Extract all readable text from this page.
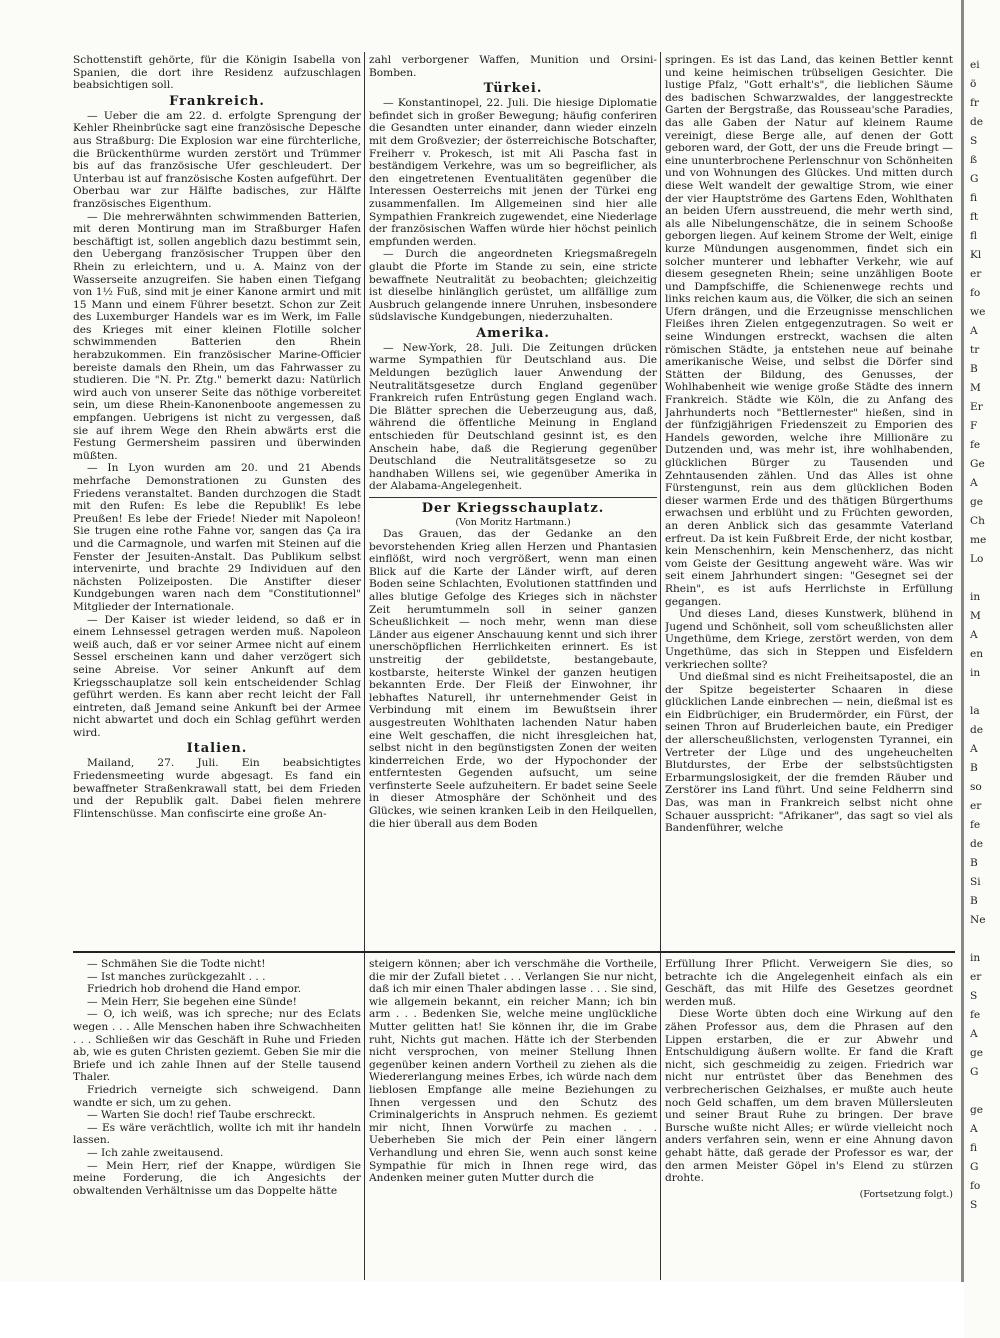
Schottenstift gehörte, für die Königin Isabella von Spanien, die dort ihre Residenz aufzuschlagen beabsichtigen soll.

Frankreich.

— Ueber die am 22. d. erfolgte Sprengung der Kehler Rheinbrücke sagt eine französische Depesche aus Straßburg: Die Explosion war eine fürchterliche, die Brückenthürme wurden zerstört und Trümmer bis auf das französische Ufer geschleudert. Der Unterbau ist auf französische Kosten aufgeführt. Der Oberbau war zur Hälfte badisches, zur Hälfte französisches Eigenthum.

— Die mehrerwähnten schwimmenden Batterien, mit deren Montirung man im Straßburger Hafen beschäftigt ist, sollen angeblich dazu bestimmt sein, den Uebergang französischer Truppen über den Rhein zu erleichtern, und u. A. Mainz von der Wasserseite anzugreifen. Sie haben einen Tiefgang von 1½ Fuß, sind mit je einer Kanone armirt und mit 15 Mann und einem Führer besetzt. Schon zur Zeit des Luxemburger Handels war es im Werk, im Falle des Krieges mit einer kleinen Flotille solcher schwimmenden Batterien den Rhein herabzukommen. Ein französischer Marine-Officier bereiste damals den Rhein, um das Fahrwasser zu studieren. Die "N. Pr. Ztg." bemerkt dazu: Natürlich wird auch von unserer Seite das nöthige vorbereitet sein, um diese Rhein-Kanonenboote angemessen zu empfangen. Uebrigens ist nicht zu vergessen, daß sie auf ihrem Wege den Rhein abwärts erst die Festung Germersheim passiren und überwinden müßten.

— In Lyon wurden am 20. und 21 Abends mehrfache Demonstrationen zu Gunsten des Friedens veranstaltet. Banden durchzogen die Stadt mit den Rufen: Es lebe die Republik! Es lebe Preußen! Es lebe der Friede! Nieder mit Napoleon! Sie trugen eine rothe Fahne vor, sangen das Ça ira und die Carmagnole, und warfen mit Steinen auf die Fenster der Jesuiten-Anstalt. Das Publikum selbst intervenirte, und brachte 29 Individuen auf den nächsten Polizeiposten. Die Anstifter dieser Kundgebungen waren nach dem "Constitutionnel" Mitglieder der Internationale.

— Der Kaiser ist wieder leidend, so daß er in einem Lehnsessel getragen werden muß. Napoleon weiß auch, daß er vor seiner Armee nicht auf einem Sessel erscheinen kann und daher verzögert sich seine Abreise. Vor seiner Ankunft auf dem Kriegsschauplatze soll kein entscheidender Schlag geführt werden. Es kann aber recht leicht der Fall eintreten, daß Jemand seine Ankunft bei der Armee nicht abwartet und doch ein Schlag geführt werden wird.

Italien.

Mailand, 27. Juli. Ein beabsichtigtes Friedensmeeting wurde abgesagt. Es fand ein bewaffneter Straßenkrawall statt, bei dem Frieden und der Republik galt. Dabei fielen mehrere Flintenschüsse. Man confiscirte eine große An-

zahl verborgener Waffen, Munition und Orsini-Bomben.

Türkei.

— Konstantinopel, 22. Juli. Die hiesige Diplomatie befindet sich in großer Bewegung; häufig conferiren die Gesandten unter einander, dann wieder einzeln mit dem Großvezier; der österreichische Botschafter, Freiherr v. Prokesch, ist mit Ali Pascha fast in beständigem Verkehre, was um so begreiflicher, als den eingetretenen Eventualitäten gegenüber die Interessen Oesterreichs mit jenen der Türkei eng zusammenfallen. Im Allgemeinen sind hier alle Sympathien Frankreich zugewendet, eine Niederlage der französischen Waffen würde hier höchst peinlich empfunden werden.

— Durch die angeordneten Kriegsmaßregeln glaubt die Pforte im Stande zu sein, eine stricte bewaffnete Neutralität zu beobachten; gleichzeitig ist dieselbe hinlänglich gerüstet, um allfällige zum Ausbruch gelangende innere Unruhen, insbesondere südslavische Kundgebungen, niederzuhalten.

Amerika.

— New-York, 28. Juli. Die Zeitungen drücken warme Sympathien für Deutschland aus. Die Meldungen bezüglich lauer Anwendung der Neutralitätsgesetze durch England gegenüber Frankreich rufen Entrüstung gegen England wach. Die Blätter sprechen die Ueberzeugung aus, daß, während die öffentliche Meinung in England entschieden für Deutschland gesinnt ist, es den Anschein habe, daß die Regierung gegenüber Deutschland die Neutralitätsgesetze so zu handhaben Willens sei, wie gegenüber Amerika in der Alabama-Angelegenheit.

Der Kriegsschauplatz.
(Von Moritz Hartmann.)

Das Grauen, das der Gedanke an den bevorstehenden Krieg allen Herzen und Phantasien einflößt, wird noch vergrößert, wenn man einen Blick auf die Karte der Länder wirft, auf deren Boden seine Schlachten, Evolutionen stattfinden und alles blutige Gefolge des Krieges sich in nächster Zeit herumtummeln soll in seiner ganzen Scheußlichkeit — noch mehr, wenn man diese Länder aus eigener Anschauung kennt und sich ihrer unerschöpflichen Herrlichkeiten erinnert. Es ist unstreitig der gebildetste, bestangebaute, kostbarste, heiterste Winkel der ganzen heutigen bekannten Erde. Der Fleiß der Einwohner, ihr lebhaftes Naturell, ihr unternehmender Geist in Verbindung mit einem im Bewußtsein ihrer ausgestreuten Wohlthaten lachenden Natur haben eine Welt geschaffen, die nicht ihresgleichen hat, selbst nicht in den begünstigsten Zonen der weiten kinderreichen Erde, wo der Hypochonder der entferntesten Gegenden aufsucht, um seine verfinsterte Seele aufzuheitern. Er badet seine Seele in dieser Atmosphäre der Schönheit und des Glückes, wie seinen kranken Leib in den Heilquellen, die hier überall aus dem Boden

springen. Es ist das Land, das keinen Bettler kennt und keine heimischen trübseligen Gesichter. Die lustige Pfalz, "Gott erhalt's", die lieblichen Säume des badischen Schwarzwaldes, der langgestreckte Garten der Bergstraße, das Rousseau'sche Paradies, das alle Gaben der Natur auf kleinem Raume vereinigt, diese Berge alle, auf denen der Gott geboren ward, der Gott, der uns die Freude bringt — eine ununterbrochene Perlenschnur von Schönheiten und von Wohnungen des Glückes. Und mitten durch diese Welt wandelt der gewaltige Strom, wie einer der vier Hauptströme des Gartens Eden, Wohlthaten an beiden Ufern ausstreuend, die mehr werth sind, als alle Nibelungenschätze, die in seinem Schooße geborgen liegen. Auf keinem Strome der Welt, einige kurze Mündungen ausgenommen, findet sich ein solcher munterer und lebhafter Verkehr, wie auf diesem gesegneten Rhein; seine unzähligen Boote und Dampfschiffe, die Schienenwege rechts und links reichen kaum aus, die Völker, die sich an seinen Ufern drängen, und die Erzeugnisse menschlichen Fleißes ihren Zielen entgegenzutragen. So weit er seine Windungen erstreckt, wachsen die alten römischen Städte, ja entstehen neue auf beinahe amerikanische Weise, und selbst die Dörfer sind Stätten der Bildung, des Genusses, der Wohlhabenheit wie wenige große Städte des innern Frankreich. Städte wie Köln, die zu Anfang des Jahrhunderts noch "Bettlernester" hießen, sind in der fünfzigjährigen Friedenszeit zu Emporien des Handels geworden, welche ihre Millionäre zu Dutzenden und, was mehr ist, ihre wohlhabenden, glücklichen Bürger zu Tausenden und Zehntausenden zählen. Und das Alles ist ohne Fürstengunst, rein aus dem glücklichen Boden dieser warmen Erde und des thätigen Bürgerthums erwachsen und erblüht und zu Früchten geworden, an deren Anblick sich das gesammte Vaterland erfreut. Da ist kein Fußbreit Erde, der nicht kostbar, kein Menschenhirn, kein Menschenherz, das nicht vom Geiste der Gesittung angeweht wäre. Was wir seit einem Jahrhundert singen: "Gesegnet sei der Rhein", es ist aufs Herrlichste in Erfüllung gegangen.

Und dieses Land, dieses Kunstwerk, blühend in Jugend und Schönheit, soll vom scheußlichsten aller Ungethüme, dem Kriege, zerstört werden, von dem Ungethüme, das sich in Steppen und Eisfeldern verkriechen sollte?

Und dießmal sind es nicht Freiheitsapostel, die an der Spitze begeisterter Schaaren in diese glücklichen Lande einbrechen — nein, dießmal ist es ein Eidbrüchiger, ein Brudermörder, ein Fürst, der seinen Thron auf Bruderleichen baute, ein Prediger der allerscheußlichsten, verlogensten Tyrannei, ein Vertreter der Lüge und des ungeheuchelten Blutdurstes, der Erbe der selbstsüchtigsten Erbarmungslosigkeit, der die fremden Räuber und Zerstörer ins Land führt. Und seine Feldherrn sind Das, was man in Frankreich selbst nicht ohne Schauer ausspricht: "Afrikaner", das sagt so viel als Bandenführer, welche

— Schmähen Sie die Todte nicht!

— Ist manches zurückgezahlt . . .

Friedrich hob drohend die Hand empor.

— Mein Herr, Sie begehen eine Sünde!

— O, ich weiß, was ich spreche; nur des Eclats wegen . . . Alle Menschen haben ihre Schwachheiten . . . Schließen wir das Geschäft in Ruhe und Frieden ab, wie es guten Christen geziemt. Geben Sie mir die Briefe und ich zahle Ihnen auf der Stelle tausend Thaler.

Friedrich verneigte sich schweigend. Dann wandte er sich, um zu gehen.

— Warten Sie doch! rief Taube erschreckt.

— Es wäre verächtlich, wollte ich mit ihr handeln lassen.

— Ich zahle zweitausend.

— Mein Herr, rief der Knappe, würdigen Sie meine Forderung, die ich Angesichts der obwaltenden Verhältnisse um das Doppelte hätte

steigern können; aber ich verschmähe die Vortheile, die mir der Zufall bietet . . . Verlangen Sie nur nicht, daß ich mir einen Thaler abdingen lasse . . . Sie sind, wie allgemein bekannt, ein reicher Mann; ich bin arm . . . Bedenken Sie, welche meine unglückliche Mutter gelitten hat! Sie können ihr, die im Grabe ruht, Nichts gut machen. Hätte ich der Sterbenden nicht versprochen, von meiner Stellung Ihnen gegenüber keinen andern Vortheil zu ziehen als die Wiedererlangung meines Erbes, ich würde nach dem lieblosen Empfange alle meine Beziehungen zu Ihnen vergessen und den Schutz des Criminalgerichts in Anspruch nehmen. Es geziemt mir nicht, Ihnen Vorwürfe zu machen . . . Ueberheben Sie mich der Pein einer längern Verhandlung und ehren Sie, wenn auch sonst keine Sympathie für mich in Ihnen rege wird, das Andenken meiner guten Mutter durch die

Erfüllung Ihrer Pflicht. Verweigern Sie dies, so betrachte ich die Angelegenheit einfach als ein Geschäft, das mit Hilfe des Gesetzes geordnet werden muß.

Diese Worte übten doch eine Wirkung auf den zähen Professor aus, dem die Phrasen auf den Lippen erstarben, die er zur Abwehr und Entschuldigung äußern wollte. Er fand die Kraft nicht, sich geschmeidig zu zeigen. Friedrich war nicht nur entrüstet über das Benehmen des verbrecherischen Geizhalses, er mußte auch heute noch Geld schaffen, um dem braven Müllersleuten und seiner Braut Ruhe zu bringen. Der brave Bursche wußte nicht Alles; er würde vielleicht noch anders verfahren sein, wenn er eine Ahnung davon gehabt hätte, daß gerade der Professor es war, der den armen Meister Göpel in's Elend zu stürzen drohte.

(Fortsetzung folgt.)
ei
ö
fr
de
S
ß
G
fi
ft
fl
Kl
er
fo
we
A
tr
B
M
Er
F
fe
Ge
A
ge
Ch
me
Lo

in
M
A
en
in

la
de
A
B
so
er
fe
de
B
Si
B
Ne

in
er
S
fe
A
ge
G

ge
A
fi
G
fo
S
